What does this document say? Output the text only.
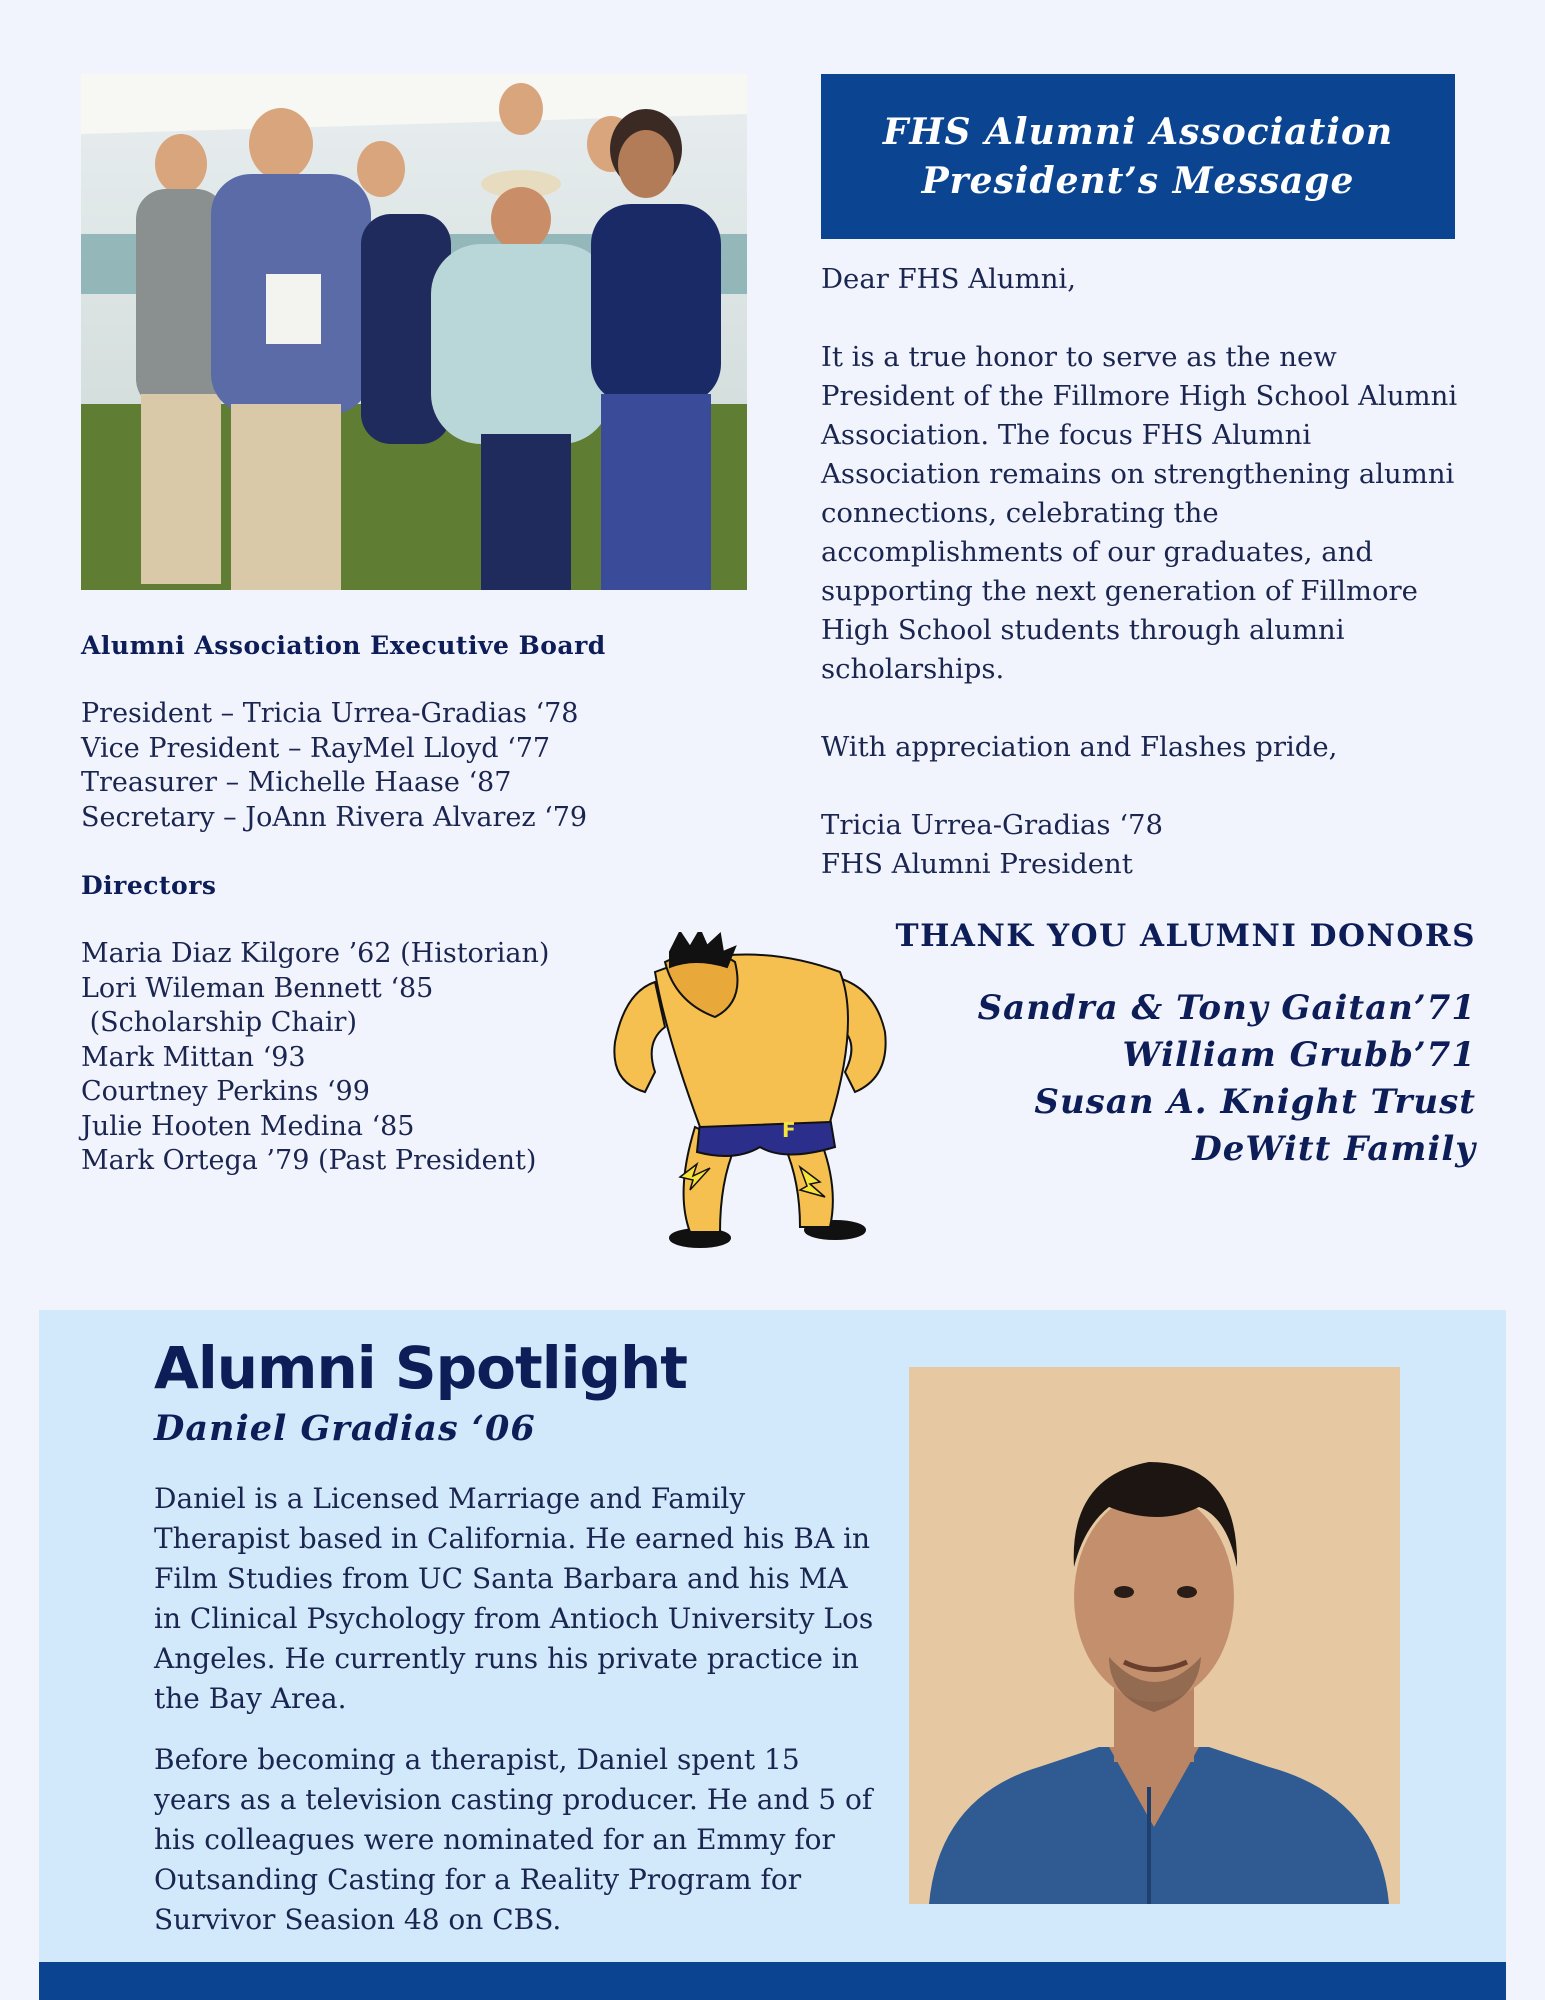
Alumni Association Executive Board
President – Tricia Urrea-Gradias ‘78
Vice President – RayMel Lloyd ‘77
Treasurer – Michelle Haase ‘87
Secretary – JoAnn Rivera Alvarez ‘79
Directors
Maria Diaz Kilgore ’62 (Historian)
Lori Wileman Bennett ‘85
(Scholarship Chair)
Mark Mittan ‘93
Courtney Perkins ‘99
Julie Hooten Medina ‘85
Mark Ortega ’79 (Past President)
F
FHS Alumni Association
President’s Message

Dear FHS Alumni,

It is a true honor to serve as the new President of the Fillmore High School Alumni Association. The focus FHS Alumni Association remains on strengthening alumni connections, celebrating the accomplishments of our graduates, and supporting the next generation of Fillmore High School students through alumni scholarships.

With appreciation and Flashes pride,

Tricia Urrea-Gradias ‘78

FHS Alumni President

THANK YOU ALUMNI DONORS
Sandra & Tony Gaitan’71
William Grubb’71
Susan A. Knight Trust
DeWitt Family
Alumni Spotlight
Daniel Gradias ‘06

Daniel is a Licensed Marriage and Family Therapist based in California. He earned his BA in Film Studies from UC Santa Barbara and his MA in Clinical Psychology from Antioch University Los Angeles. He currently runs his private practice in the Bay Area.

Before becoming a therapist, Daniel spent 15 years as a television casting producer. He and 5 of his colleagues were nominated for an Emmy for Outsanding Casting for a Reality Program for Survivor Seasion 48 on CBS.
